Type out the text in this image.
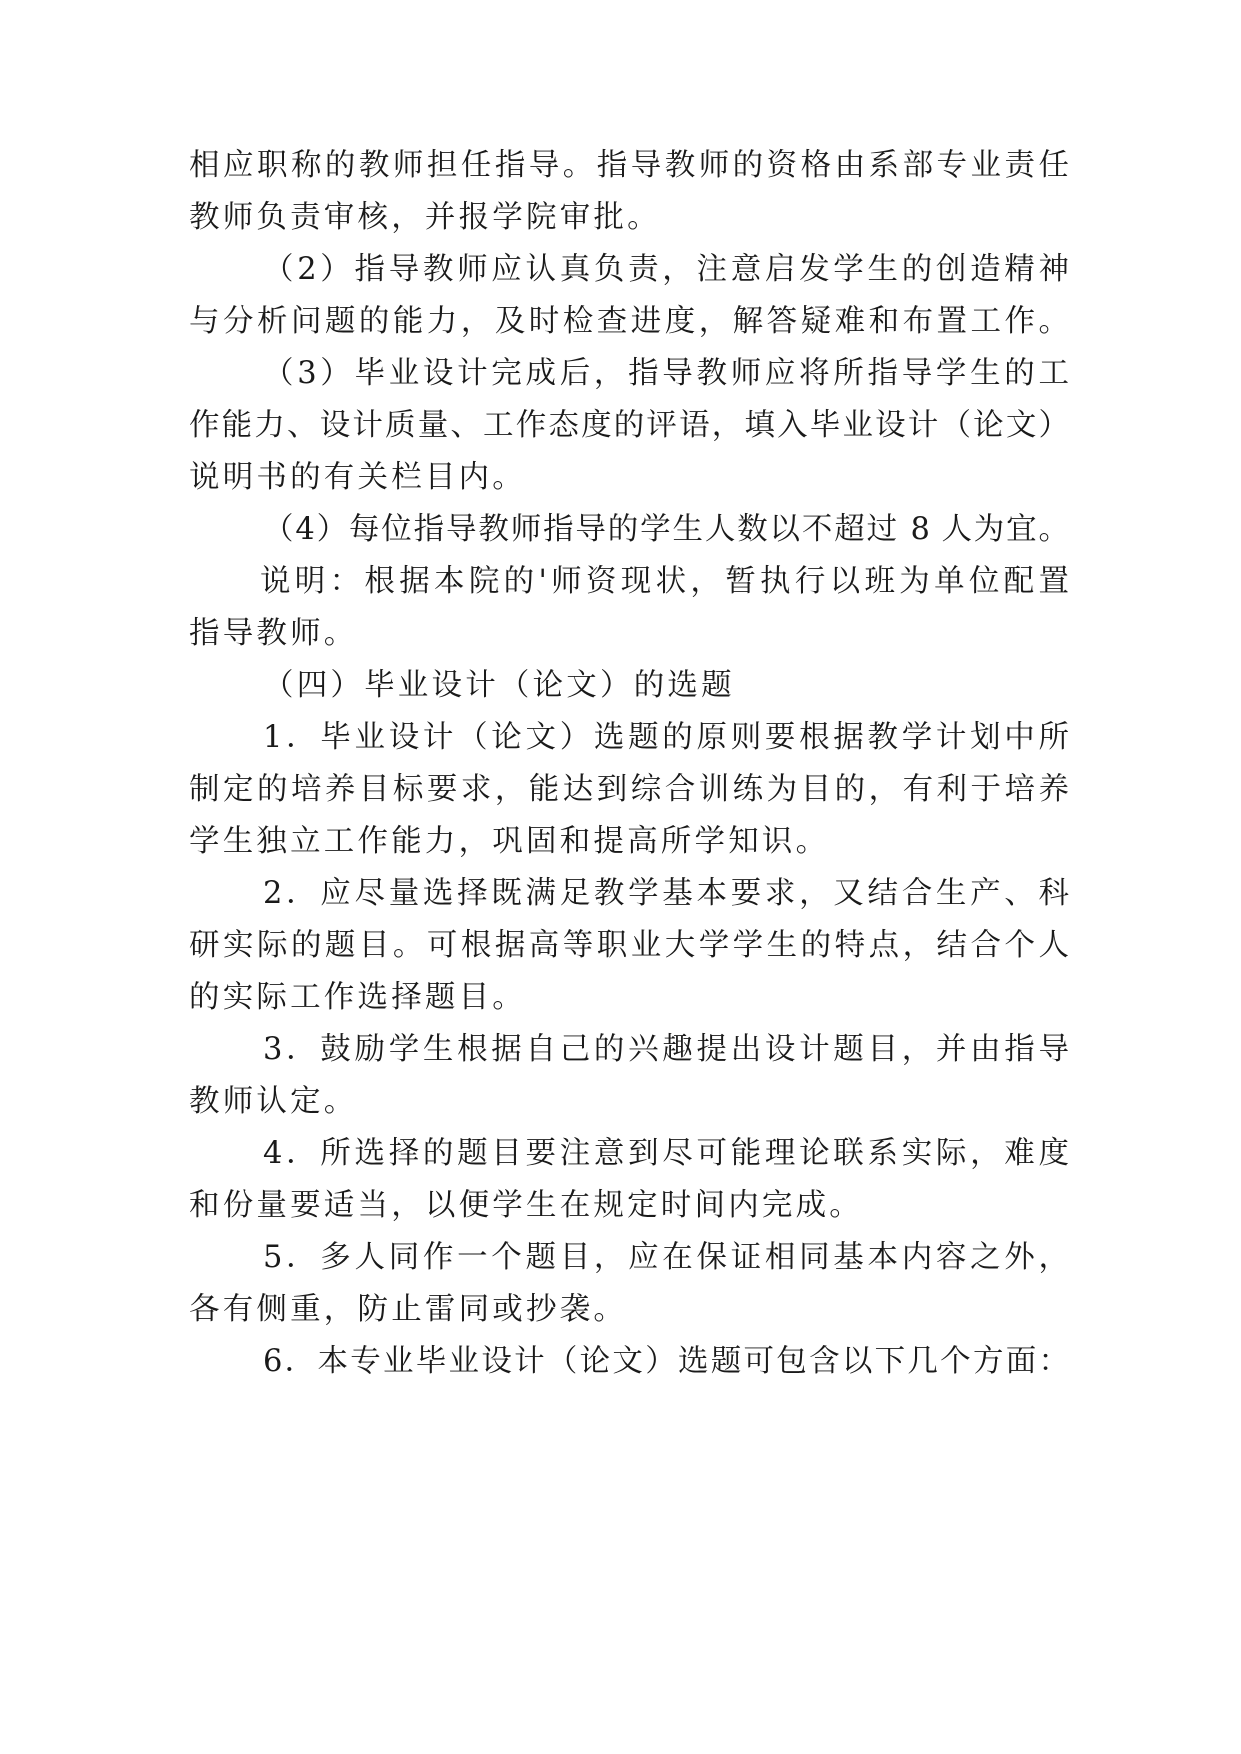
相应职称的教师担任指导。指导教师的资格由系部专业责任
教师负责审核，并报学院审批。
（2）指导教师应认真负责，注意启发学生的创造精神
与分析问题的能力，及时检查进度，解答疑难和布置工作。
（3）毕业设计完成后，指导教师应将所指导学生的工
作能力、设计质量、工作态度的评语，填入毕业设计（论文）
说明书的有关栏目内。
（4）每位指导教师指导的学生人数以不超过 8 人为宜。
说明：根据本院的'师资现状，暂执行以班为单位配置
指导教师。
（四）毕业设计（论文）的选题
1．毕业设计（论文）选题的原则要根据教学计划中所
制定的培养目标要求，能达到综合训练为目的，有利于培养
学生独立工作能力，巩固和提高所学知识。
2．应尽量选择既满足教学基本要求，又结合生产、科
研实际的题目。可根据高等职业大学学生的特点，结合个人
的实际工作选择题目。
3．鼓励学生根据自己的兴趣提出设计题目，并由指导
教师认定。
4．所选择的题目要注意到尽可能理论联系实际，难度
和份量要适当，以便学生在规定时间内完成。
5．多人同作一个题目，应在保证相同基本内容之外，
各有侧重，防止雷同或抄袭。
6．本专业毕业设计（论文）选题可包含以下几个方面：
